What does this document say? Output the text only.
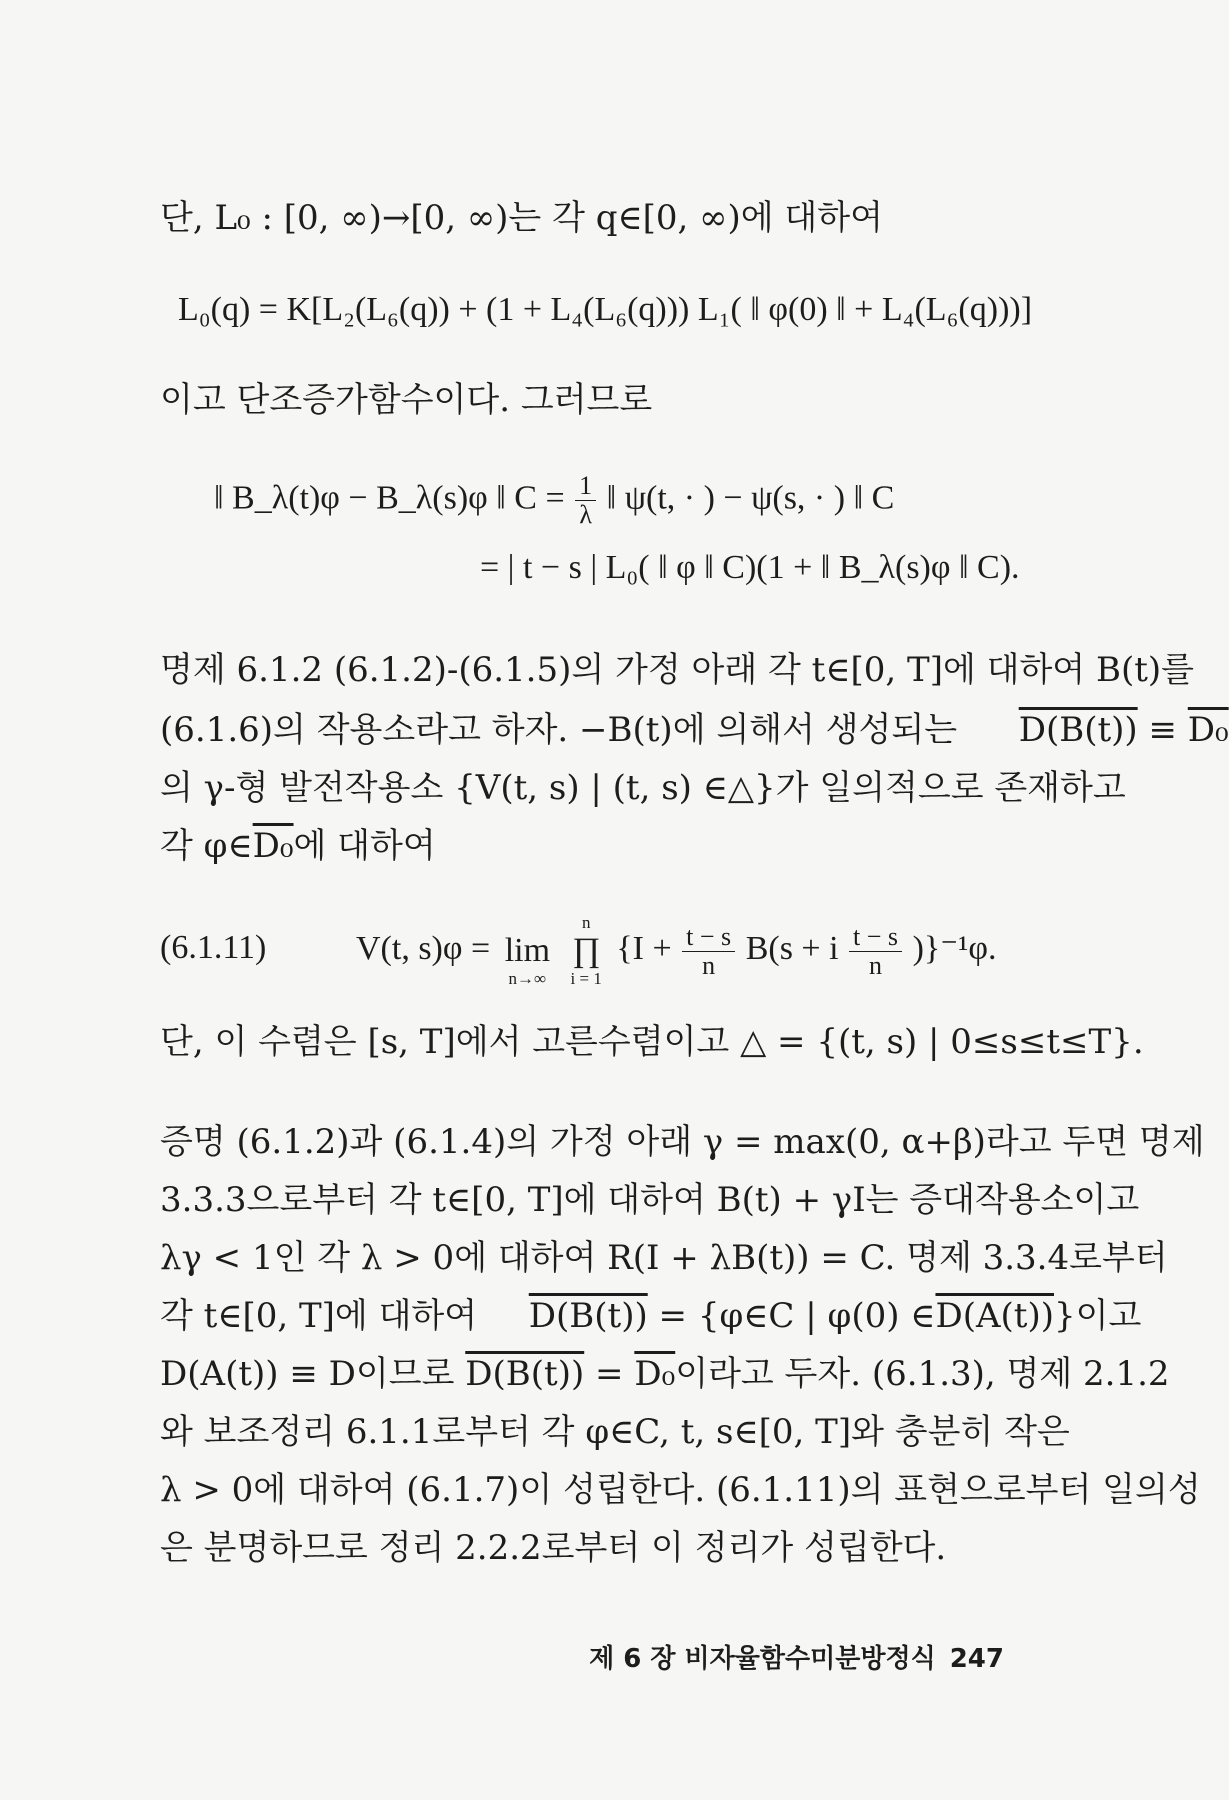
단, L₀ : [0, ∞)→[0, ∞)는 각 q∈[0, ∞)에 대하여
L₀(q) = K[L₂(L₆(q)) + (1 + L₄(L₆(q))) L₁( ‖ φ(0) ‖ + L₄(L₆(q)))]
이고 단조증가함수이다. 그러므로
‖ B_λ(t)φ − B_λ(s)φ ‖ $C = \frac{1}{\lambda}$ ‖ ψ(t, · ) − ψ(s, · ) ‖ C
= | t − s | L₀( ‖ φ ‖ C)(1 + ‖ B_λ(s)φ ‖ C).
명제 6.1.2 (6.1.2)-(6.1.5)의 가정 아래 각 t∈[0, T]에 대하여 B(t)를
(6.1.6)의 작용소라고 하자. −B(t)에 의해서 생성되는 D(B(t)) ≡ D₀
의 γ-형 발전작용소 {V(t, s) | (t, s) ∈△}가 일의적으로 존재하고
각 φ∈D₀에 대하여
(6.1.11)	V(t, s)φ =
lim
n→∞

n
∏
i = 1
$\{I + \frac{t - s}{n} B(s + i \frac{t - s}{n} )\}^{-1}\varphi$.
단, 이 수렴은 [s, T]에서 고른수렴이고 △ = {(t, s) | 0≤s≤t≤T}.
증명 (6.1.2)과 (6.1.4)의 가정 아래 γ = max(0, α+β)라고 두면 명제
3.3.3으로부터 각 t∈[0, T]에 대하여 B(t) + γI는 증대작용소이고
λγ < 1인 각 λ > 0에 대하여 R(I + λB(t)) = C. 명제 3.3.4로부터
각 t∈[0, T]에 대하여 D(B(t)) = {φ∈C | φ(0) ∈D(A(t))}이고
D(A(t)) ≡ D이므로 D(B(t)) = D₀이라고 두자. (6.1.3), 명제 2.1.2
와 보조정리 6.1.1로부터 각 φ∈C, t, s∈[0, T]와 충분히 작은
λ > 0에 대하여 (6.1.7)이 성립한다. (6.1.11)의 표현으로부터 일의성
은 분명하므로 정리 2.2.2로부터 이 정리가 성립한다.
제 6 장 비자율함수미분방정식 247
